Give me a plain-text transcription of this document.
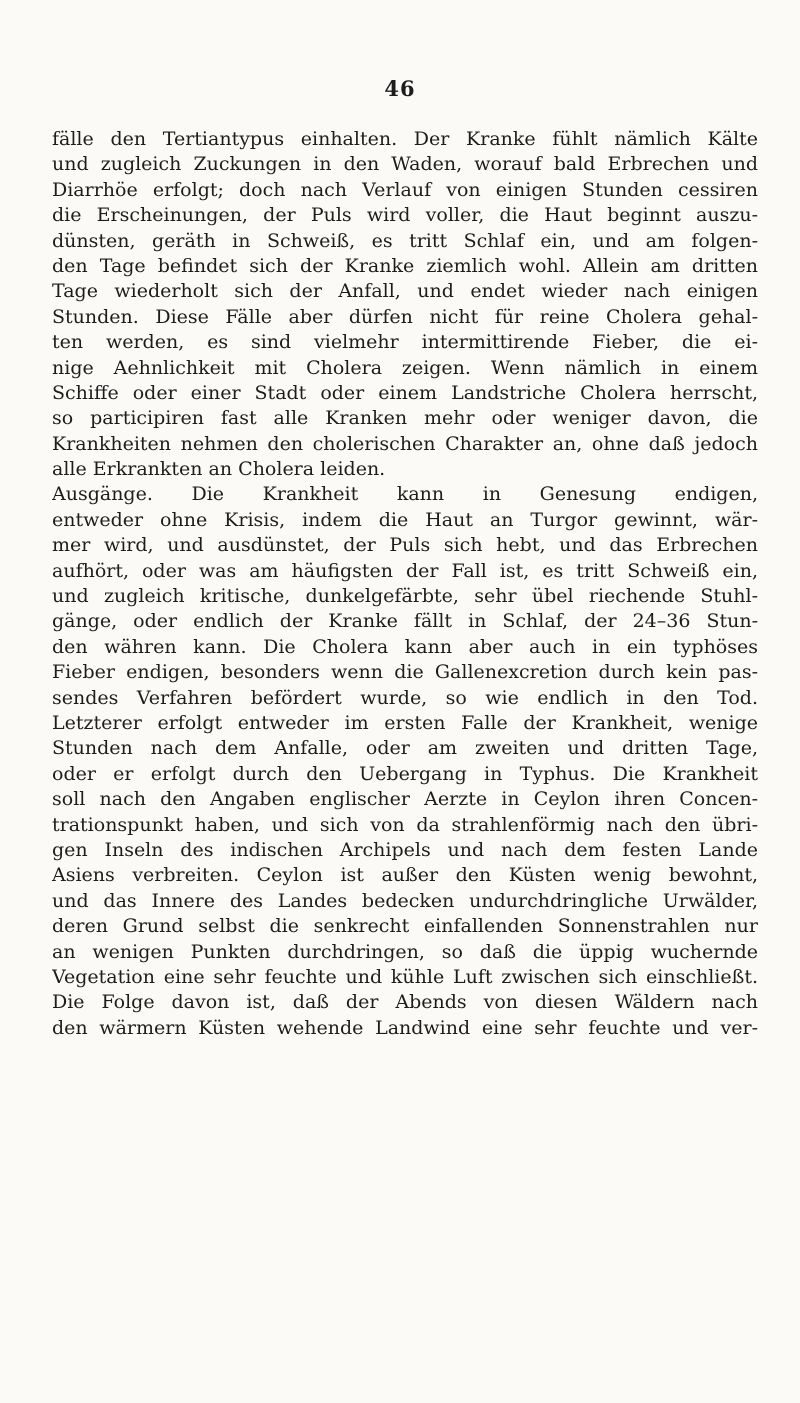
46
fälle den Tertiantypus einhalten. Der Kranke fühlt nämlich Kälte
und zugleich Zuckungen in den Waden, worauf bald Erbrechen und
Diarrhöe erfolgt; doch nach Verlauf von einigen Stunden cessiren
die Erscheinungen, der Puls wird voller, die Haut beginnt auszu-
dünsten, geräth in Schweiß, es tritt Schlaf ein, und am folgen-
den Tage befindet sich der Kranke ziemlich wohl. Allein am dritten
Tage wiederholt sich der Anfall, und endet wieder nach einigen
Stunden. Diese Fälle aber dürfen nicht für reine Cholera gehal-
ten werden, es sind vielmehr intermittirende Fieber, die ei-
nige Aehnlichkeit mit Cholera zeigen. Wenn nämlich in einem
Schiffe oder einer Stadt oder einem Landstriche Cholera herrscht,
so participiren fast alle Kranken mehr oder weniger davon, die
Krankheiten nehmen den cholerischen Charakter an, ohne daß jedoch
alle Erkrankten an Cholera leiden.
Ausgänge. Die Krankheit kann in Genesung endigen,
entweder ohne Krisis, indem die Haut an Turgor gewinnt, wär-
mer wird, und ausdünstet, der Puls sich hebt, und das Erbrechen
aufhört, oder was am häufigsten der Fall ist, es tritt Schweiß ein,
und zugleich kritische, dunkelgefärbte, sehr übel riechende Stuhl-
gänge, oder endlich der Kranke fällt in Schlaf, der 24–36 Stun-
den währen kann. Die Cholera kann aber auch in ein typhöses
Fieber endigen, besonders wenn die Gallenexcretion durch kein pas-
sendes Verfahren befördert wurde, so wie endlich in den Tod.
Letzterer erfolgt entweder im ersten Falle der Krankheit, wenige
Stunden nach dem Anfalle, oder am zweiten und dritten Tage,
oder er erfolgt durch den Uebergang in Typhus. Die Krankheit
soll nach den Angaben englischer Aerzte in Ceylon ihren Concen-
trationspunkt haben, und sich von da strahlenförmig nach den übri-
gen Inseln des indischen Archipels und nach dem festen Lande
Asiens verbreiten. Ceylon ist außer den Küsten wenig bewohnt,
und das Innere des Landes bedecken undurchdringliche Urwälder,
deren Grund selbst die senkrecht einfallenden Sonnenstrahlen nur
an wenigen Punkten durchdringen, so daß die üppig wuchernde
Vegetation eine sehr feuchte und kühle Luft zwischen sich einschließt.
Die Folge davon ist, daß der Abends von diesen Wäldern nach
den wärmern Küsten wehende Landwind eine sehr feuchte und ver-
